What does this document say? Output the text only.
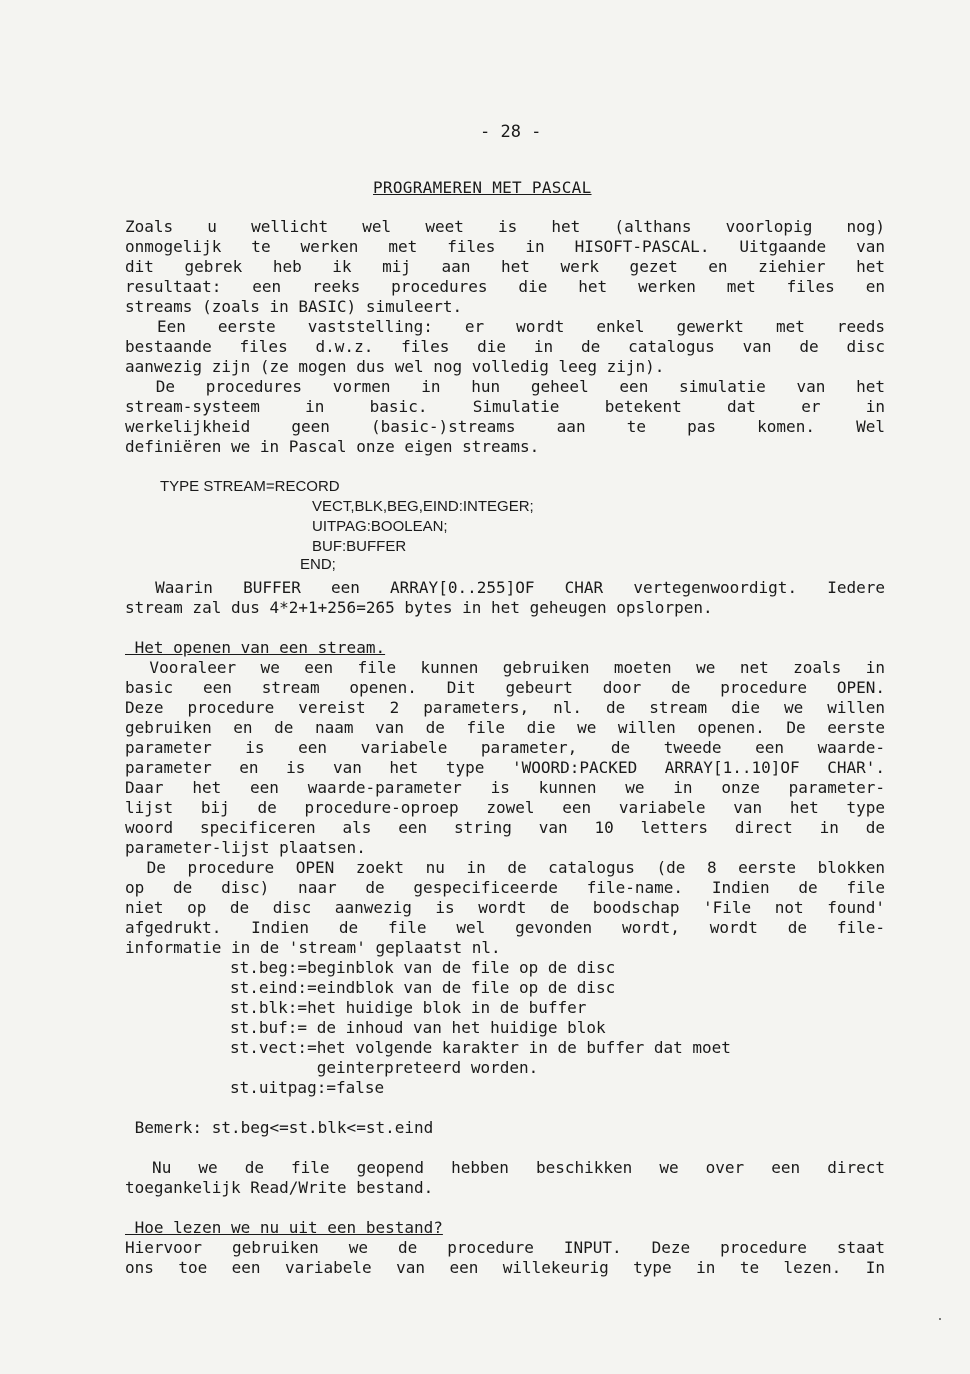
- 28 -
PROGRAMEREN MET PASCAL
Zoals u wellicht wel weet is het (althans voorlopig nog)
onmogelijk te werken met files in HISOFT-PASCAL. Uitgaande van
dit gebrek heb ik mij aan het werk gezet en ziehier het
resultaat: een reeks procedures die het werken met files en
streams (zoals in BASIC) simuleert.
Een eerste vaststelling: er wordt enkel gewerkt met reeds
bestaande files d.w.z. files die in de catalogus van de disc
aanwezig zijn (ze mogen dus wel nog volledig leeg zijn).
De procedures vormen in hun geheel een simulatie van het
stream-systeem in basic. Simulatie betekent dat er in
werkelijkheid geen (basic-)streams aan te pas komen. Wel
definiëren we in Pascal onze eigen streams.
TYPE STREAM=RECORD
VECT,BLK,BEG,EIND:INTEGER;
UITPAG:BOOLEAN;
BUF:BUFFER
END;
Waarin BUFFER een ARRAY[0..255]OF CHAR vertegenwoordigt. Iedere
stream zal dus 4*2+1+256=265 bytes in het geheugen opslorpen.
Het openen van een stream.
Vooraleer we een file kunnen gebruiken moeten we net zoals in
basic een stream openen. Dit gebeurt door de procedure OPEN.
Deze procedure vereist 2 parameters, nl. de stream die we willen
gebruiken en de naam van de file die we willen openen. De eerste
parameter is een variabele parameter, de tweede een waarde-
parameter en is van het type 'WOORD:PACKED ARRAY[1..10]OF CHAR'.
Daar het een waarde-parameter is kunnen we in onze parameter-
lijst bij de procedure-oproep zowel een variabele van het type
woord specificeren als een string van 10 letters direct in de
parameter-lijst plaatsen.
De procedure OPEN zoekt nu in de catalogus (de 8 eerste blokken
op de disc) naar de gespecificeerde file-name. Indien de file
niet op de disc aanwezig is wordt de boodschap 'File not found'
afgedrukt. Indien de file wel gevonden wordt, wordt de file-
informatie in de 'stream' geplaatst nl.
st.beg:=beginblok van de file op de disc
st.eind:=eindblok van de file op de disc
st.blk:=het huidige blok in de buffer
st.buf:= de inhoud van het huidige blok
st.vect:=het volgende karakter in de buffer dat moet
geinterpreteerd worden.
st.uitpag:=false
Bemerk: st.beg<=st.blk<=st.eind
Nu we de file geopend hebben beschikken we over een direct
toegankelijk Read/Write bestand.
Hoe lezen we nu uit een bestand?
Hiervoor gebruiken we de procedure INPUT. Deze procedure staat
ons toe een variabele van een willekeurig type in te lezen. In
